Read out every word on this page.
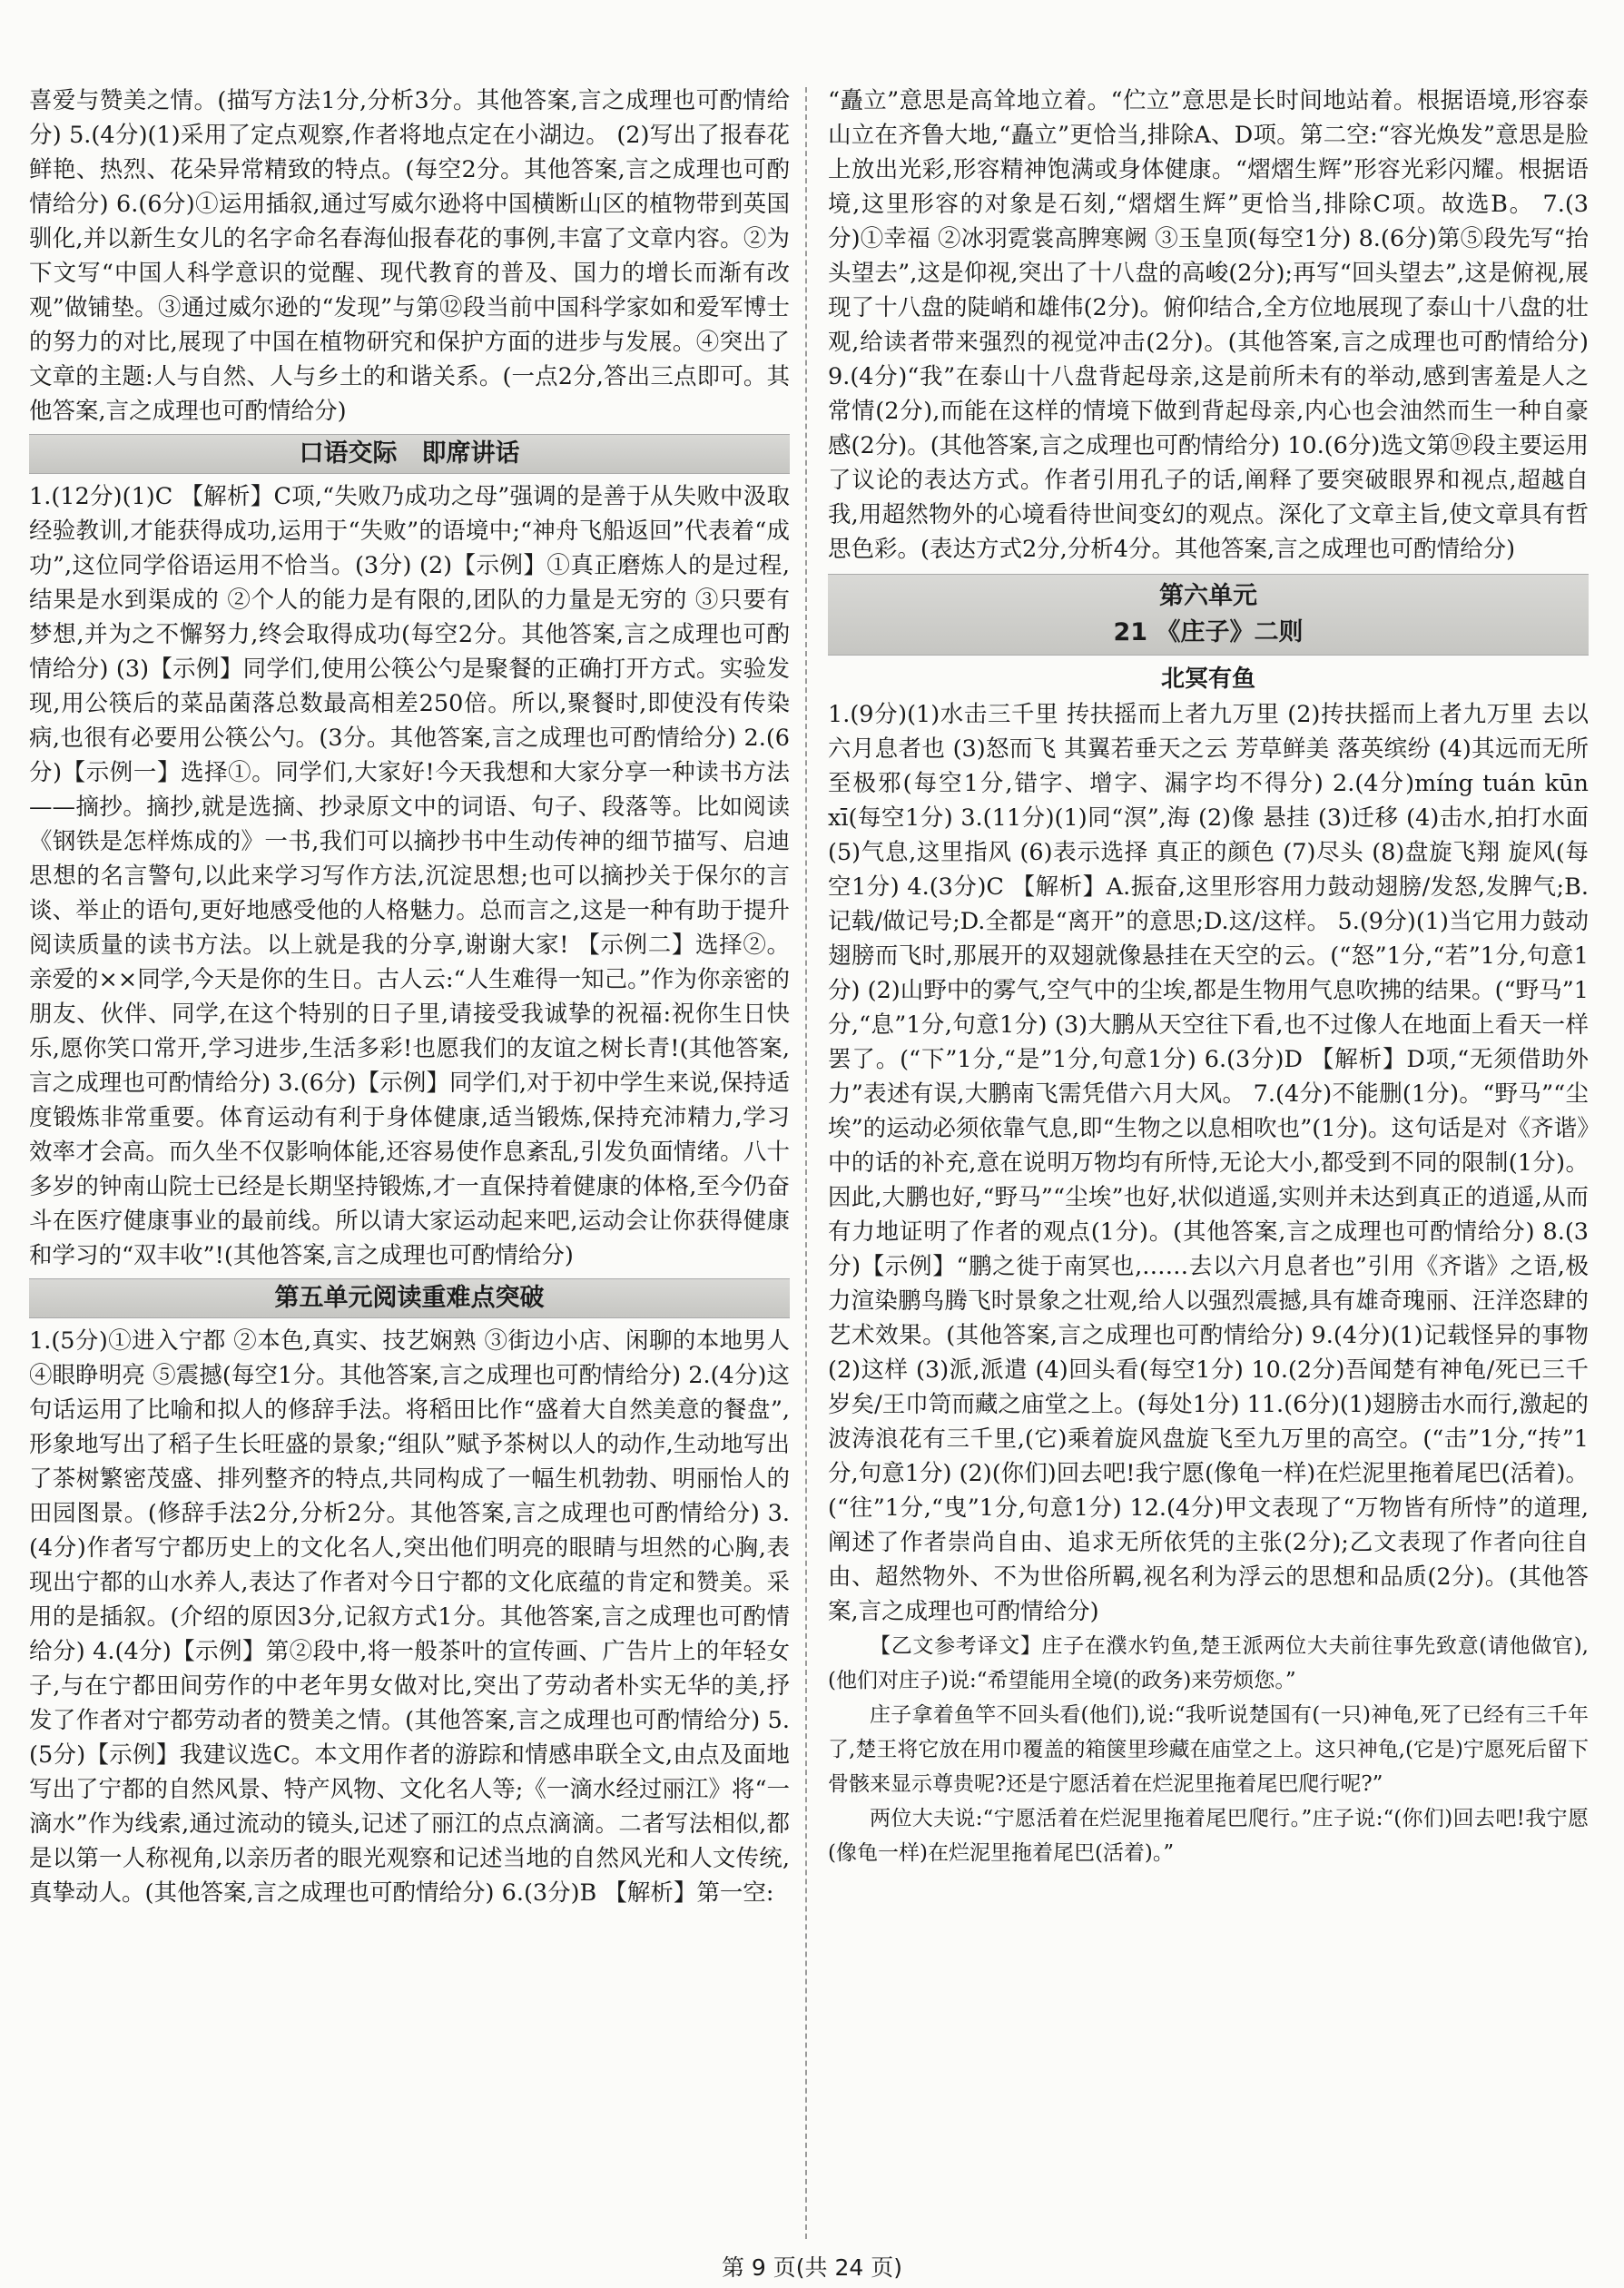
喜爱与赞美之情。(描写方法1分,分析3分。其他答案,言之成理也可酌情给分) 5.(4分)(1)采用了定点观察,作者将地点定在小湖边。 (2)写出了报春花鲜艳、热烈、花朵异常精致的特点。(每空2分。其他答案,言之成理也可酌情给分) 6.(6分)①运用插叙,通过写威尔逊将中国横断山区的植物带到英国驯化,并以新生女儿的名字命名春海仙报春花的事例,丰富了文章内容。②为下文写“中国人科学意识的觉醒、现代教育的普及、国力的增长而渐有改观”做铺垫。③通过威尔逊的“发现”与第⑫段当前中国科学家如和爱军博士的努力的对比,展现了中国在植物研究和保护方面的进步与发展。④突出了文章的主题:人与自然、人与乡土的和谐关系。(一点2分,答出三点即可。其他答案,言之成理也可酌情给分)

口语交际　即席讲话

1.(12分)(1)C 【解析】C项,“失败乃成功之母”强调的是善于从失败中汲取经验教训,才能获得成功,运用于“失败”的语境中;“神舟飞船返回”代表着“成功”,这位同学俗语运用不恰当。(3分) (2)【示例】①真正磨炼人的是过程,结果是水到渠成的 ②个人的能力是有限的,团队的力量是无穷的 ③只要有梦想,并为之不懈努力,终会取得成功(每空2分。其他答案,言之成理也可酌情给分) (3)【示例】同学们,使用公筷公勺是聚餐的正确打开方式。实验发现,用公筷后的菜品菌落总数最高相差250倍。所以,聚餐时,即使没有传染病,也很有必要用公筷公勺。(3分。其他答案,言之成理也可酌情给分) 2.(6分)【示例一】选择①。同学们,大家好!今天我想和大家分享一种读书方法——摘抄。摘抄,就是选摘、抄录原文中的词语、句子、段落等。比如阅读《钢铁是怎样炼成的》一书,我们可以摘抄书中生动传神的细节描写、启迪思想的名言警句,以此来学习写作方法,沉淀思想;也可以摘抄关于保尔的言谈、举止的语句,更好地感受他的人格魅力。总而言之,这是一种有助于提升阅读质量的读书方法。以上就是我的分享,谢谢大家! 【示例二】选择②。亲爱的××同学,今天是你的生日。古人云:“人生难得一知己。”作为你亲密的朋友、伙伴、同学,在这个特别的日子里,请接受我诚挚的祝福:祝你生日快乐,愿你笑口常开,学习进步,生活多彩!也愿我们的友谊之树长青!(其他答案,言之成理也可酌情给分) 3.(6分)【示例】同学们,对于初中学生来说,保持适度锻炼非常重要。体育运动有利于身体健康,适当锻炼,保持充沛精力,学习效率才会高。而久坐不仅影响体能,还容易使作息紊乱,引发负面情绪。八十多岁的钟南山院士已经是长期坚持锻炼,才一直保持着健康的体格,至今仍奋斗在医疗健康事业的最前线。所以请大家运动起来吧,运动会让你获得健康和学习的“双丰收”!(其他答案,言之成理也可酌情给分)

第五单元阅读重难点突破

1.(5分)①进入宁都 ②本色,真实、技艺娴熟 ③街边小店、闲聊的本地男人 ④眼睁明亮 ⑤震撼(每空1分。其他答案,言之成理也可酌情给分) 2.(4分)这句话运用了比喻和拟人的修辞手法。将稻田比作“盛着大自然美意的餐盘”,形象地写出了稻子生长旺盛的景象;“组队”赋予茶树以人的动作,生动地写出了茶树繁密茂盛、排列整齐的特点,共同构成了一幅生机勃勃、明丽怡人的田园图景。(修辞手法2分,分析2分。其他答案,言之成理也可酌情给分) 3.(4分)作者写宁都历史上的文化名人,突出他们明亮的眼睛与坦然的心胸,表现出宁都的山水养人,表达了作者对今日宁都的文化底蕴的肯定和赞美。采用的是插叙。(介绍的原因3分,记叙方式1分。其他答案,言之成理也可酌情给分) 4.(4分)【示例】第②段中,将一般茶叶的宣传画、广告片上的年轻女子,与在宁都田间劳作的中老年男女做对比,突出了劳动者朴实无华的美,抒发了作者对宁都劳动者的赞美之情。(其他答案,言之成理也可酌情给分) 5.(5分)【示例】我建议选C。本文用作者的游踪和情感串联全文,由点及面地写出了宁都的自然风景、特产风物、文化名人等;《一滴水经过丽江》将“一滴水”作为线索,通过流动的镜头,记述了丽江的点点滴滴。二者写法相似,都是以第一人称视角,以亲历者的眼光观察和记述当地的自然风光和人文传统,真挚动人。(其他答案,言之成理也可酌情给分) 6.(3分)B 【解析】第一空:

“矗立”意思是高耸地立着。“伫立”意思是长时间地站着。根据语境,形容泰山立在齐鲁大地,“矗立”更恰当,排除A、D项。第二空:“容光焕发”意思是脸上放出光彩,形容精神饱满或身体健康。“熠熠生辉”形容光彩闪耀。根据语境,这里形容的对象是石刻,“熠熠生辉”更恰当,排除C项。故选B。 7.(3分)①幸福 ②冰羽霓裳高脾寒阙 ③玉皇顶(每空1分) 8.(6分)第⑤段先写“抬头望去”,这是仰视,突出了十八盘的高峻(2分);再写“回头望去”,这是俯视,展现了十八盘的陡峭和雄伟(2分)。俯仰结合,全方位地展现了泰山十八盘的壮观,给读者带来强烈的视觉冲击(2分)。(其他答案,言之成理也可酌情给分) 9.(4分)“我”在泰山十八盘背起母亲,这是前所未有的举动,感到害羞是人之常情(2分),而能在这样的情境下做到背起母亲,内心也会油然而生一种自豪感(2分)。(其他答案,言之成理也可酌情给分) 10.(6分)选文第⑲段主要运用了议论的表达方式。作者引用孔子的话,阐释了要突破眼界和视点,超越自我,用超然物外的心境看待世间变幻的观点。深化了文章主旨,使文章具有哲思色彩。(表达方式2分,分析4分。其他答案,言之成理也可酌情给分)

第六单元
21 《庄子》二则
北冥有鱼

1.(9分)(1)水击三千里 抟扶摇而上者九万里 (2)抟扶摇而上者九万里 去以六月息者也 (3)怒而飞 其翼若垂天之云 芳草鲜美 落英缤纷 (4)其远而无所至极邪(每空1分,错字、增字、漏字均不得分) 2.(4分)míng tuán kūn xī(每空1分) 3.(11分)(1)同“溟”,海 (2)像 悬挂 (3)迁移 (4)击水,拍打水面 (5)气息,这里指风 (6)表示选择 真正的颜色 (7)尽头 (8)盘旋飞翔 旋风(每空1分) 4.(3分)C 【解析】A.振奋,这里形容用力鼓动翅膀/发怒,发脾气;B.记载/做记号;D.全都是“离开”的意思;D.这/这样。 5.(9分)(1)当它用力鼓动翅膀而飞时,那展开的双翅就像悬挂在天空的云。(“怒”1分,“若”1分,句意1分) (2)山野中的雾气,空气中的尘埃,都是生物用气息吹拂的结果。(“野马”1分,“息”1分,句意1分) (3)大鹏从天空往下看,也不过像人在地面上看天一样罢了。(“下”1分,“是”1分,句意1分) 6.(3分)D 【解析】D项,“无须借助外力”表述有误,大鹏南飞需凭借六月大风。 7.(4分)不能删(1分)。“野马”“尘埃”的运动必须依靠气息,即“生物之以息相吹也”(1分)。这句话是对《齐谐》中的话的补充,意在说明万物均有所恃,无论大小,都受到不同的限制(1分)。因此,大鹏也好,“野马”“尘埃”也好,状似逍遥,实则并未达到真正的逍遥,从而有力地证明了作者的观点(1分)。(其他答案,言之成理也可酌情给分) 8.(3分)【示例】“鹏之徙于南冥也,……去以六月息者也”引用《齐谐》之语,极力渲染鹏鸟腾飞时景象之壮观,给人以强烈震撼,具有雄奇瑰丽、汪洋恣肆的艺术效果。(其他答案,言之成理也可酌情给分) 9.(4分)(1)记载怪异的事物 (2)这样 (3)派,派遣 (4)回头看(每空1分) 10.(2分)吾闻楚有神龟/死已三千岁矣/王巾笥而藏之庙堂之上。(每处1分) 11.(6分)(1)翅膀击水而行,激起的波涛浪花有三千里,(它)乘着旋风盘旋飞至九万里的高空。(“击”1分,“抟”1分,句意1分) (2)(你们)回去吧!我宁愿(像龟一样)在烂泥里拖着尾巴(活着)。(“往”1分,“曳”1分,句意1分) 12.(4分)甲文表现了“万物皆有所恃”的道理,阐述了作者崇尚自由、追求无所依凭的主张(2分);乙文表现了作者向往自由、超然物外、不为世俗所羁,视名利为浮云的思想和品质(2分)。(其他答案,言之成理也可酌情给分)

【乙文参考译文】庄子在濮水钓鱼,楚王派两位大夫前往事先致意(请他做官),(他们对庄子)说:“希望能用全境(的政务)来劳烦您。”

庄子拿着鱼竿不回头看(他们),说:“我听说楚国有(一只)神龟,死了已经有三千年了,楚王将它放在用巾覆盖的箱箧里珍藏在庙堂之上。这只神龟,(它是)宁愿死后留下骨骸来显示尊贵呢?还是宁愿活着在烂泥里拖着尾巴爬行呢?”

两位大夫说:“宁愿活着在烂泥里拖着尾巴爬行。”庄子说:“(你们)回去吧!我宁愿(像龟一样)在烂泥里拖着尾巴(活着)。”

第 9 页(共 24 页)
